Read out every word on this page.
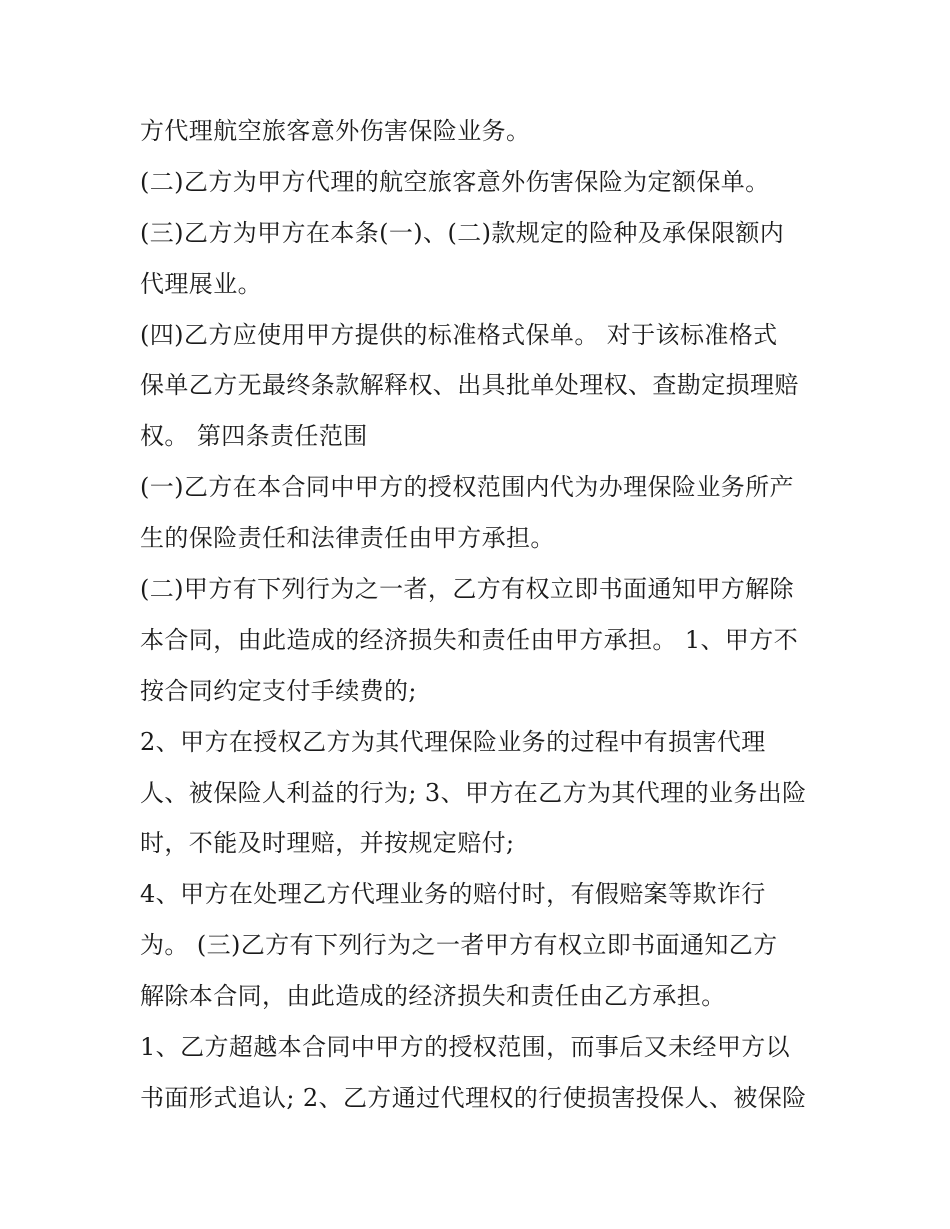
方代理航空旅客意外伤害保险业务。
(二)乙方为甲方代理的航空旅客意外伤害保险为定额保单。
(三)乙方为甲方在本条(一)、(二)款规定的险种及承保限额内
代理展业。
(四)乙方应使用甲方提供的标准格式保单。 对于该标准格式
保单乙方无最终条款解释权、出具批单处理权、查勘定损理赔
权。 第四条责任范围
(一)乙方在本合同中甲方的授权范围内代为办理保险业务所产
生的保险责任和法律责任由甲方承担。
(二)甲方有下列行为之一者，乙方有权立即书面通知甲方解除
本合同，由此造成的经济损失和责任由甲方承担。 1、甲方不
按合同约定支付手续费的;
2、甲方在授权乙方为其代理保险业务的过程中有损害代理
人、被保险人利益的行为; 3、甲方在乙方为其代理的业务出险
时，不能及时理赔，并按规定赔付;
4、甲方在处理乙方代理业务的赔付时，有假赔案等欺诈行
为。 (三)乙方有下列行为之一者甲方有权立即书面通知乙方
解除本合同，由此造成的经济损失和责任由乙方承担。
1、乙方超越本合同中甲方的授权范围，而事后又未经甲方以
书面形式追认; 2、乙方通过代理权的行使损害投保人、被保险
